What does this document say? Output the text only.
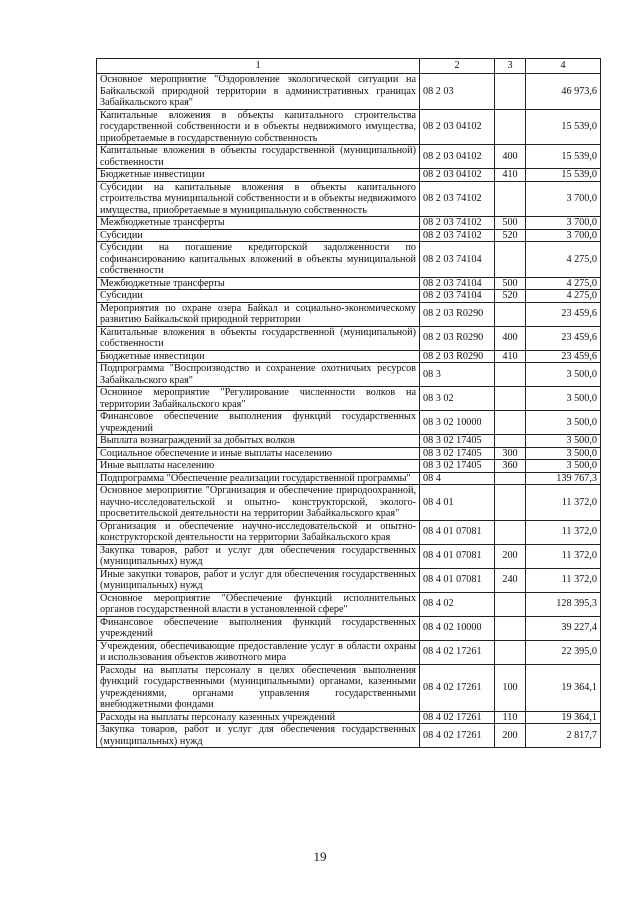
1	2	3	4
Основное мероприятие "Оздоровление экологической ситуации на Байкальской природной территории в административных границах Забайкальского края"	08 2 03		46 973,6
Капитальные вложения в объекты капитального строительства государственной собственности и в объекты недвижимого имущества, приобретаемые в государственную собственность	08 2 03 04102		15 539,0
Капитальные вложения в объекты государственной (муниципальной) собственности	08 2 03 04102	400	15 539,0
Бюджетные инвестиции	08 2 03 04102	410	15 539,0
Субсидии на капитальные вложения в объекты капитального строительства муниципальной собственности и в объекты недвижимого имущества, приобретаемые в муниципальную собственность	08 2 03 74102		3 700,0
Межбюджетные трансферты	08 2 03 74102	500	3 700,0
Субсидии	08 2 03 74102	520	3 700,0
Субсидии на погашение кредиторской задолженности по софинансированию капитальных вложений в объекты муниципальной собственности	08 2 03 74104		4 275,0
Межбюджетные трансферты	08 2 03 74104	500	4 275,0
Субсидии	08 2 03 74104	520	4 275,0
Мероприятия по охране озера Байкал и социально-экономическому развитию Байкальской природной территории	08 2 03 R0290		23 459,6
Капитальные вложения в объекты государственной (муниципальной) собственности	08 2 03 R0290	400	23 459,6
Бюджетные инвестиции	08 2 03 R0290	410	23 459,6
Подпрограмма "Воспроизводство и сохранение охотничьих ресурсов Забайкальского края"	08 3		3 500,0
Основное мероприятие "Регулирование численности волков на территории Забайкальского края"	08 3 02		3 500,0
Финансовое обеспечение выполнения функций государственных учреждений	08 3 02 10000		3 500,0
Выплата вознаграждений за добытых волков	08 3 02 17405		3 500,0
Социальное обеспечение и иные выплаты населению	08 3 02 17405	300	3 500,0
Иные выплаты населению	08 3 02 17405	360	3 500,0
Подпрограмма "Обеспечение реализации государственной программы"	08 4		139 767,3
Основное мероприятие "Организация и обеспечение природоохранной, научно-исследовательской и опытно- конструкторской, эколого-просветительской деятельности на территории Забайкальского края"	08 4 01		11 372,0
Организация и обеспечение научно-исследовательской и опытно-конструкторской деятельности на территории Забайкальского края	08 4 01 07081		11 372,0
Закупка товаров, работ и услуг для обеспечения государственных (муниципальных) нужд	08 4 01 07081	200	11 372,0
Иные закупки товаров, работ и услуг для обеспечения государственных (муниципальных) нужд	08 4 01 07081	240	11 372,0
Основное мероприятие "Обеспечение функций исполнительных органов государственной власти в установленной сфере"	08 4 02		128 395,3
Финансовое обеспечение выполнения функций государственных учреждений	08 4 02 10000		39 227,4
Учреждения, обеспечивающие предоставление услуг в области охраны и использования объектов животного мира	08 4 02 17261		22 395,0
Расходы на выплаты персоналу в целях обеспечения выполнения функций государственными (муниципальными) органами, казенными учреждениями, органами управления государственными внебюджетными фондами	08 4 02 17261	100	19 364,1
Расходы на выплаты персоналу казенных учреждений	08 4 02 17261	110	19 364,1
Закупка товаров, работ и услуг для обеспечения государственных (муниципальных) нужд	08 4 02 17261	200	2 817,7
19
